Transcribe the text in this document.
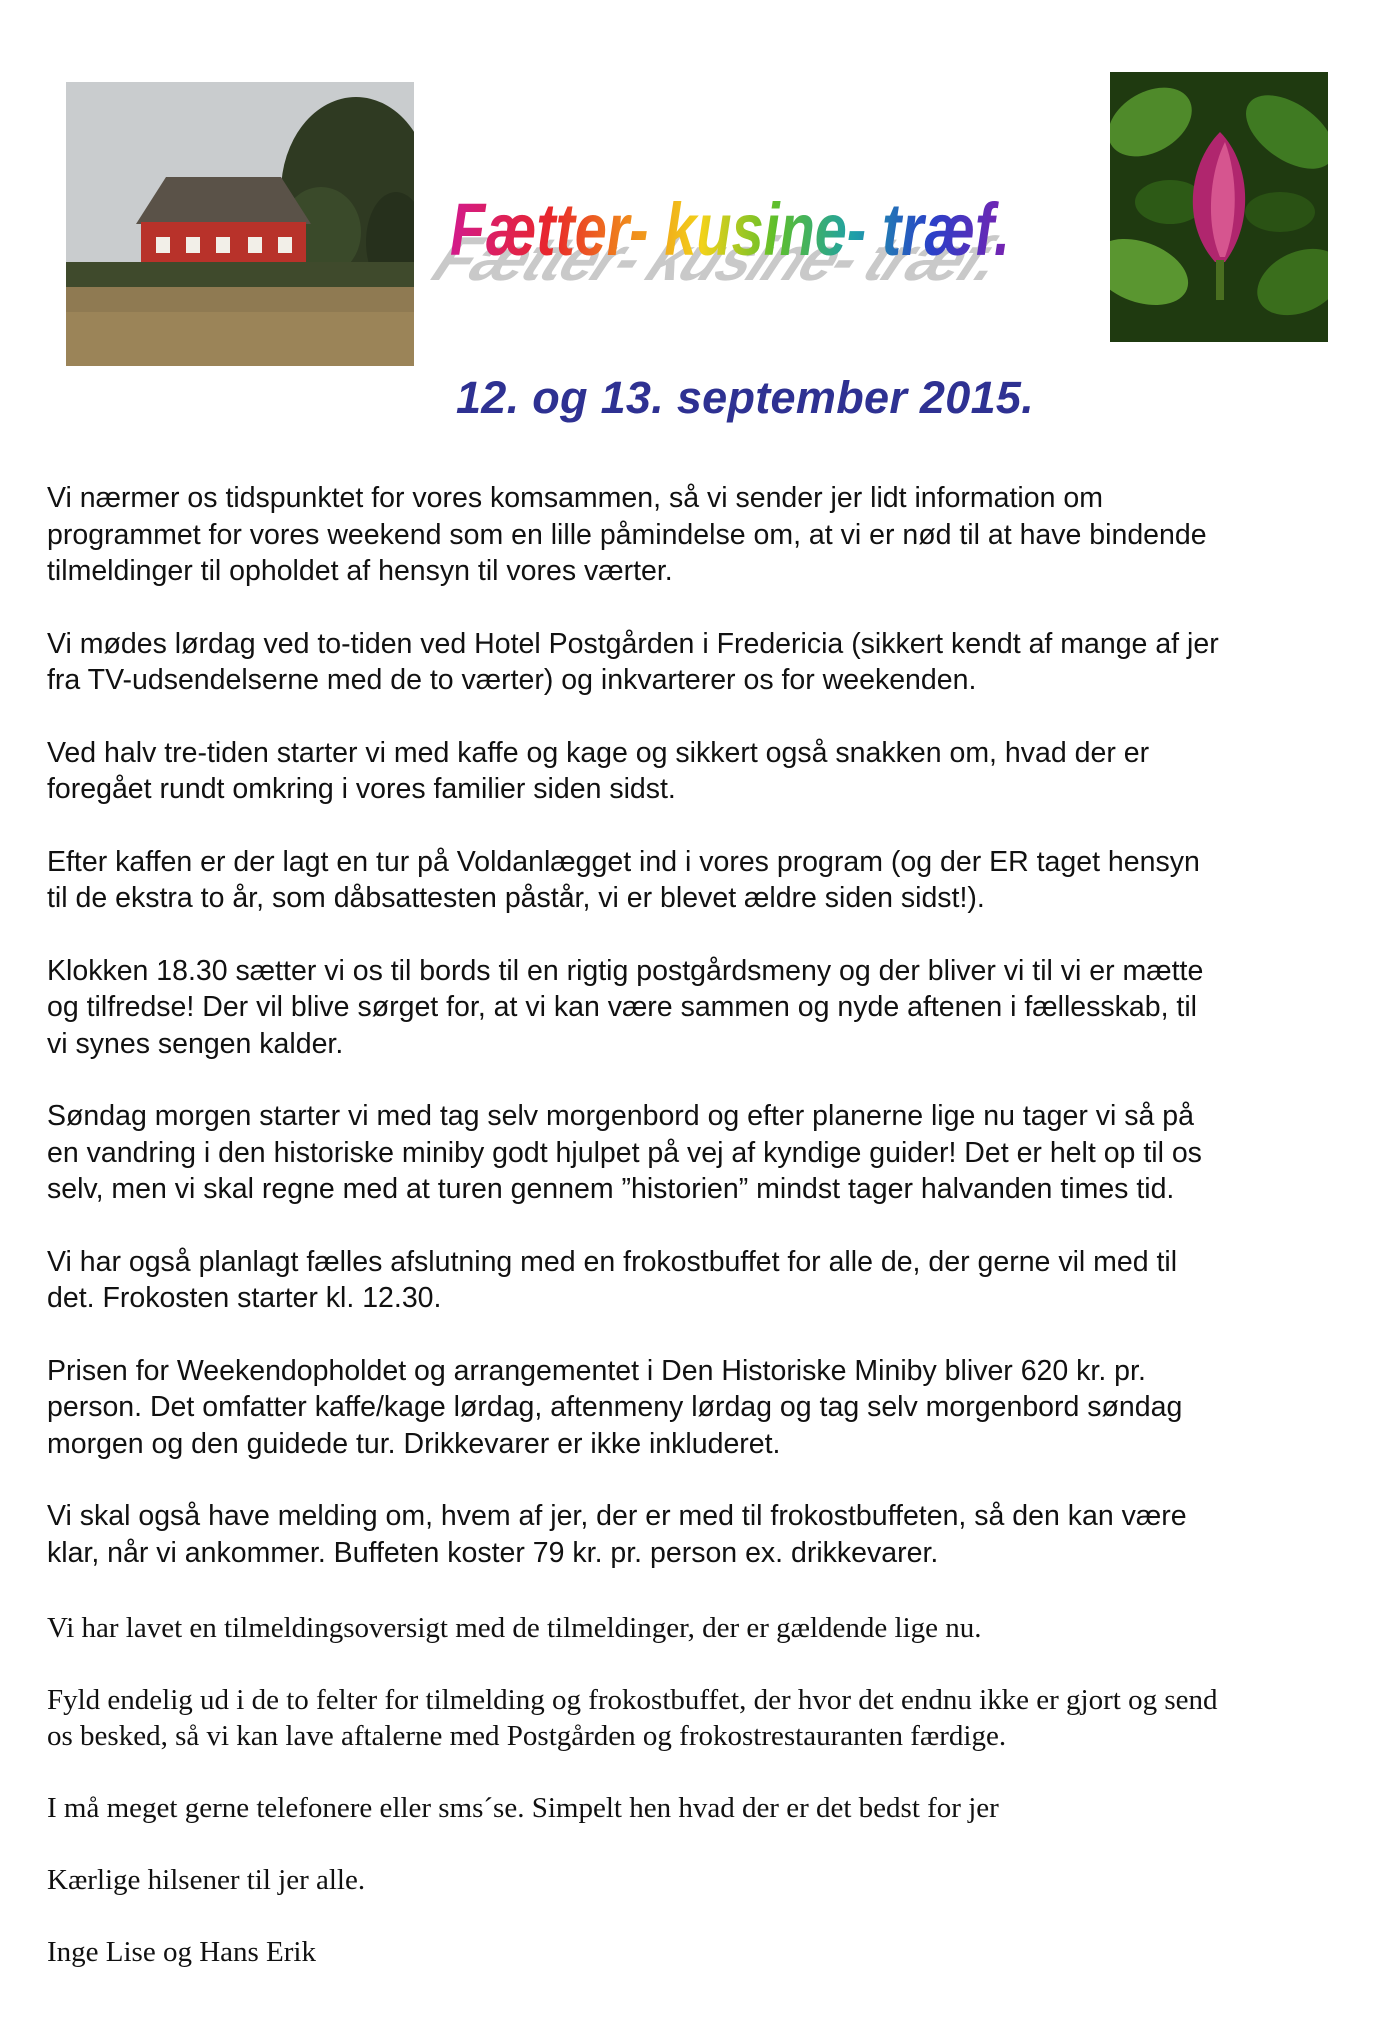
Fætter- kusine- træf.
Fætter- kusine- træf.
12. og 13. september 2015.

Vi nærmer os tidspunktet for vores komsammen, så vi sender jer lidt information om
programmet for vores weekend som en lille påmindelse om, at vi er nød til at have bindende
tilmeldinger til opholdet af hensyn til vores værter.

Vi mødes lørdag ved to-tiden ved Hotel Postgården i Fredericia (sikkert kendt af mange af jer
fra TV-udsendelserne med de to værter) og inkvarterer os for weekenden.

Ved halv tre-tiden starter vi med kaffe og kage og sikkert også snakken om, hvad der er
foregået rundt omkring i vores familier siden sidst.

Efter kaffen er der lagt en tur på Voldanlægget ind i vores program (og der ER taget hensyn
til de ekstra to år, som dåbsattesten påstår, vi er blevet ældre siden sidst!).

Klokken 18.30 sætter vi os til bords til en rigtig postgårdsmeny og der bliver vi til vi er mætte
og tilfredse! Der vil blive sørget for, at vi kan være sammen og nyde aftenen i fællesskab, til
vi synes sengen kalder.

Søndag morgen starter vi med tag selv morgenbord og efter planerne lige nu tager vi så på
en vandring i den historiske miniby godt hjulpet på vej af kyndige guider! Det er helt op til os
selv, men vi skal regne med at turen gennem ”historien” mindst tager halvanden times tid.

Vi har også planlagt fælles afslutning med en frokostbuffet for alle de, der gerne vil med til
det. Frokosten starter kl. 12.30.

Prisen for Weekendopholdet og arrangementet i Den Historiske Miniby bliver 620 kr. pr.
person. Det omfatter kaffe/kage lørdag, aftenmeny lørdag og tag selv morgenbord søndag
morgen og den guidede tur. Drikkevarer er ikke inkluderet.

Vi skal også have melding om, hvem af jer, der er med til frokostbuffeten, så den kan være
klar, når vi ankommer. Buffeten koster 79 kr. pr. person ex. drikkevarer.

Vi har lavet en tilmeldingsoversigt med de tilmeldinger, der er gældende lige nu.

Fyld endelig ud i de to felter for tilmelding og frokostbuffet, der hvor det endnu ikke er gjort og send
os besked, så vi kan lave aftalerne med Postgården og frokostrestauranten færdige.

I må meget gerne telefonere eller sms´se. Simpelt hen hvad der er det bedst for jer

Kærlige hilsener til jer alle.

Inge Lise og Hans Erik
